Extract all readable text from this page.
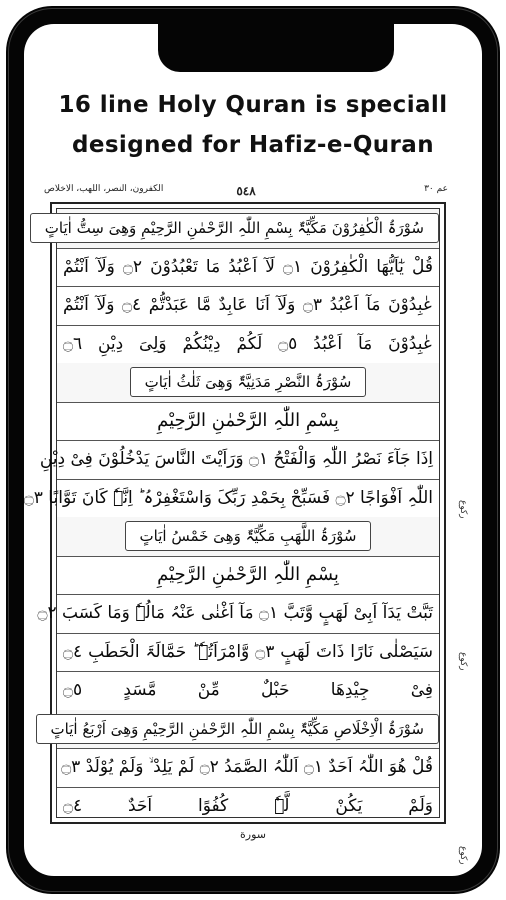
16 line Holy Quran is speciall
designed for Hafiz-e-Quran
عم ۳۰
٥٤٨
الکفرون، النصر، اللھب، الاخلاص
سُوْرَۃُ الْکٰفِرُوْنَ مَکِّیَّۃٌ بِسْمِ اللّٰہِ الرَّحْمٰنِ الرَّحِیْمِ وَھِیَ سِتُّ اٰیَاتٍ
قُلْ یٰٓاَیُّھَا الْکٰفِرُوْنَ ۝١ لَآ اَعْبُدُ مَا تَعْبُدُوْنَ ۝٢ وَلَآ اَنْتُمْ
عٰبِدُوْنَ مَآ اَعْبُدُ ۝٣ وَلَآ اَنَا عَابِدٌ مَّا عَبَدْتُّمْ ۝٤ وَلَآ اَنْتُمْ
عٰبِدُوْنَ مَآ اَعْبُدُ ۝٥ لَکُمْ دِیْنُکُمْ وَلِیَ دِیْنِ ۝٦
سُوْرَۃُ النَّصْرِ مَدَنِیَّۃٌ وَھِیَ ثَلٰثُ اٰیَاتٍ
بِسْمِ اللّٰہِ الرَّحْمٰنِ الرَّحِیْمِ
اِذَا جَآءَ نَصْرُ اللّٰہِ وَالْفَتْحُ ۝١ وَرَاَیْتَ النَّاسَ یَدْخُلُوْنَ فِیْ دِیْنِ
اللّٰہِ اَفْوَاجًا ۝٢ فَسَبِّحْ بِحَمْدِ رَبِّکَ وَاسْتَغْفِرْہُ ؕ اِنَّہٗ کَانَ تَوَّابًا ۝٣
سُوْرَۃُ اللَّھَبِ مَکِّیَّۃٌ وَھِیَ خَمْسُ اٰیَاتٍ
بِسْمِ اللّٰہِ الرَّحْمٰنِ الرَّحِیْمِ
تَبَّتْ یَدَآ اَبِیْ لَھَبٍ وَّتَبَّ ۝١ مَآ اَغْنٰی عَنْہُ مَالُہٗ وَمَا کَسَبَ ۝٢
سَیَصْلٰی نَارًا ذَاتَ لَھَبٍ ۝٣ وَّامْرَاَتُہٗ ؕ حَمَّالَۃَ الْحَطَبِ ۝٤
فِیْ جِیْدِھَا حَبْلٌ مِّنْ مَّسَدٍ ۝٥
سُوْرَۃُ الْاِخْلَاصِ مَکِّیَّۃٌ بِسْمِ اللّٰہِ الرَّحْمٰنِ الرَّحِیْمِ وَھِیَ اَرْبَعُ اٰیَاتٍ
قُلْ ھُوَ اللّٰہُ اَحَدٌ ۝١ اَللّٰہُ الصَّمَدُ ۝٢ لَمْ یَلِدْ ۙ وَلَمْ یُوْلَدْ ۝٣
وَلَمْ یَکُنْ لَّہٗ کُفُوًا اَحَدٌ ۝٤
رکوع
رکوع
رکوع
سورة
